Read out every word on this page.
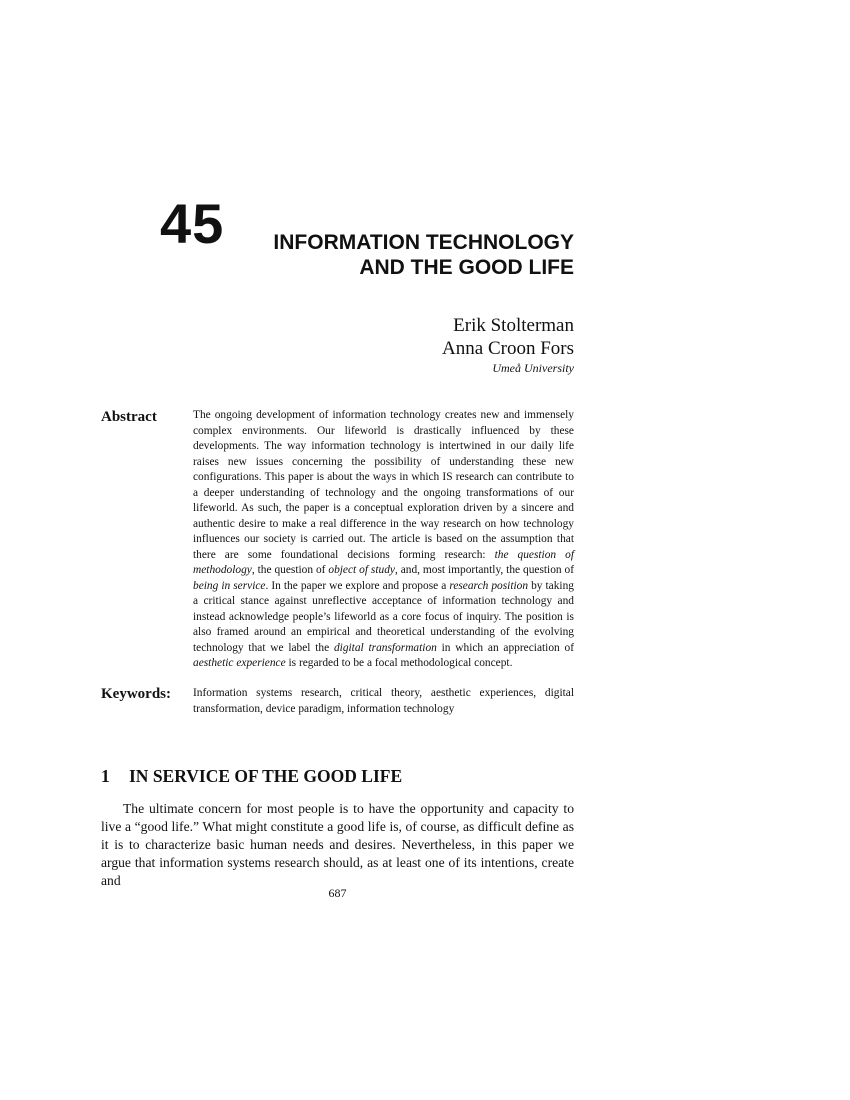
45 INFORMATION TECHNOLOGY
AND THE GOOD LIFE
Erik Stolterman
Anna Croon Fors
Umeå University
Abstract	The ongoing development of information technology creates new and immensely complex environments. Our lifeworld is drastically influenced by these developments. The way information technology is intertwined in our daily life raises new issues concerning the possibility of understanding these new configurations. This paper is about the ways in which IS research can contribute to a deeper understanding of technology and the ongoing transformations of our lifeworld. As such, the paper is a conceptual exploration driven by a sincere and authentic desire to make a real difference in the way research on how technology influences our society is carried out. The article is based on the assumption that there are some foundational decisions forming research: the question of methodology, the question of object of study, and, most importantly, the question of being in service. In the paper we explore and propose a research position by taking a critical stance against unreflective acceptance of information technology and instead acknowledge people’s lifeworld as a core focus of inquiry. The position is also framed around an empirical and theoretical understanding of the evolving technology that we label the digital transformation in which an appreciation of aesthetic experience is regarded to be a focal methodological concept.
Keywords: Information systems research, critical theory, aesthetic experiences, digital transformation, device paradigm, information technology
1 IN SERVICE OF THE GOOD LIFE
The ultimate concern for most people is to have the opportunity and capacity to live a “good life.” What might constitute a good life is, of course, as difficult define as it is to characterize basic human needs and desires. Nevertheless, in this paper we argue that information systems research should, as at least one of its intentions, create and
687
